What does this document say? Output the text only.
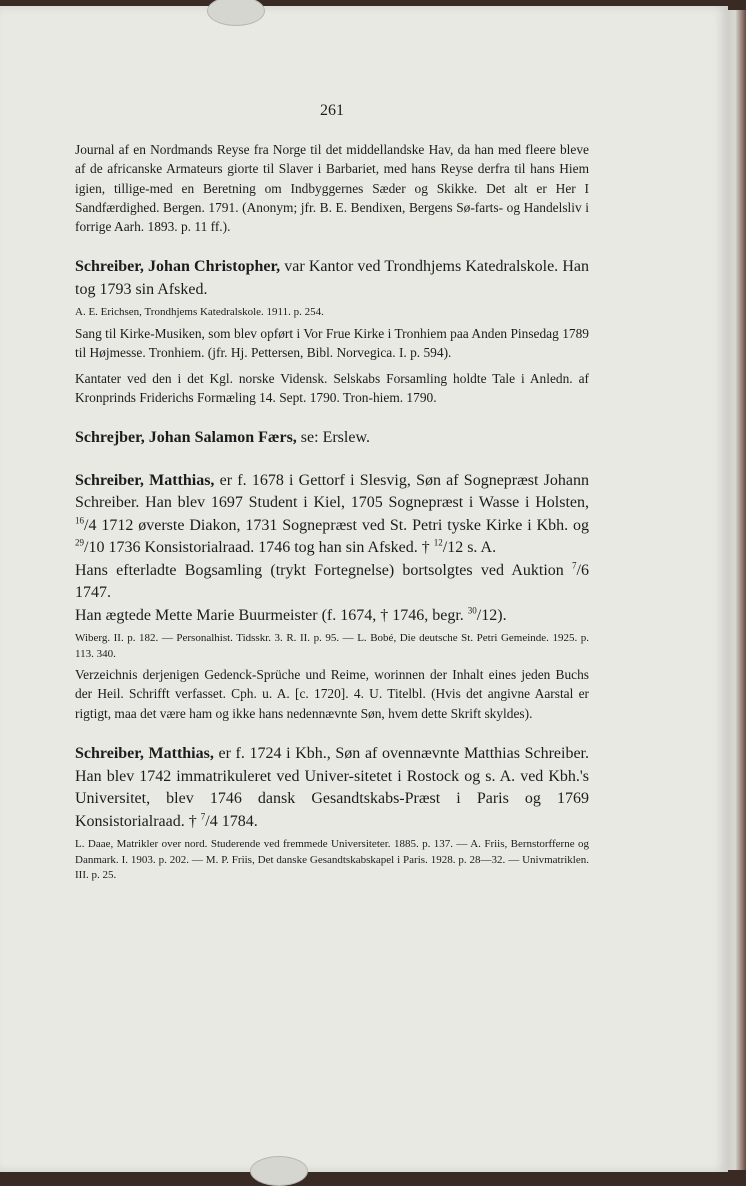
261

Journal af en Nordmands Reyse fra Norge til det middellandske Hav, da han med fleere bleve af de africanske Armateurs giorte til Slaver i Barbariet, med hans Reyse derfra til hans Hiem igien, tillige-med en Beretning om Indbyggernes Sæder og Skikke. Det alt er Her I Sandfærdighed. Bergen. 1791. (Anonym; jfr. B. E. Bendixen, Bergens Sø-farts- og Handelsliv i forrige Aarh. 1893. p. 11 ff.).

Schreiber, Johan Christopher, var Kantor ved Trondhjems Katedralskole. Han tog 1793 sin Afsked.

A. E. Erichsen, Trondhjems Katedralskole. 1911. p. 254.

Sang til Kirke-Musiken, som blev opført i Vor Frue Kirke i Tronhiem paa Anden Pinsedag 1789 til Højmesse. Tronhiem. (jfr. Hj. Pettersen, Bibl. Norvegica. I. p. 594).

Kantater ved den i det Kgl. norske Vidensk. Selskabs Forsamling holdte Tale i Anledn. af Kronprinds Friderichs Formæling 14. Sept. 1790. Tron-hiem. 1790.

Schrejber, Johan Salamon Færs, se: Erslew.

Schreiber, Matthias, er f. 1678 i Gettorf i Slesvig, Søn af Sognepræst Johann Schreiber. Han blev 1697 Student i Kiel, 1705 Sognepræst i Wasse i Holsten, $^{16}$/4 1712 øverste Diakon, 1731 Sognepræst ved St. Petri tyske Kirke i Kbh. og $^{29}$/10 1736 Konsistorialraad. 1746 tog han sin Afsked. † $^{12}$/12 s. A.

Hans efterladte Bogsamling (trykt Fortegnelse) bortsolgtes ved Auktion $^7$/6 1747.

Han ægtede Mette Marie Buurmeister (f. 1674, † 1746, begr. $^{30}$/12).

Wiberg. II. p. 182. — Personalhist. Tidsskr. 3. R. II. p. 95. — L. Bobé, Die deutsche St. Petri Gemeinde. 1925. p. 113. 340.

Verzeichnis derjenigen Gedenck-Sprüche und Reime, worinnen der Inhalt eines jeden Buchs der Heil. Schrifft verfasset. Cph. u. A. [c. 1720]. 4. U. Titelbl. (Hvis det angivne Aarstal er rigtigt, maa det være ham og ikke hans nedennævnte Søn, hvem dette Skrift skyldes).

Schreiber, Matthias, er f. 1724 i Kbh., Søn af ovennævnte Matthias Schreiber. Han blev 1742 immatrikuleret ved Univer-sitetet i Rostock og s. A. ved Kbh.'s Universitet, blev 1746 dansk Gesandtskabs-Præst i Paris og 1769 Konsistorialraad. † $^7$/4 1784.

L. Daae, Matrikler over nord. Studerende ved fremmede Universiteter. 1885. p. 137. — A. Friis, Bernstorfferne og Danmark. I. 1903. p. 202. — M. P. Friis, Det danske Gesandtskabskapel i Paris. 1928. p. 28—32. — Univmatriklen. III. p. 25.
